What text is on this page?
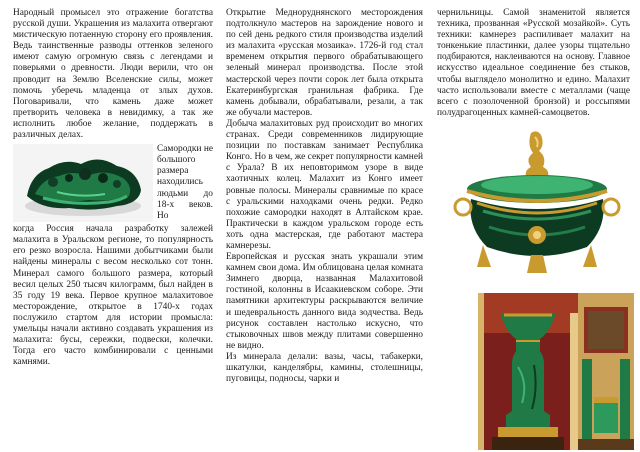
Народный промысел это отражение богатства русской души. Украшения из малахита отвергают мистическую потаенную сторону его проявления. Ведь таинственные разводы оттенков зеленого имеют самую огромную связь с легендами и поверьями о древности. Люди верили, что он проводит на Землю Вселенские силы, может помочь уберечь младенца от злых духов. Поговаривали, что камень даже может претворить человека в невидимку, а так же исполнить любое желание, поддержать в различных делах.

Самородки не большого размера находились людьми до 18-х веков. Но

когда Россия начала разработку залежей малахита в Уральском регионе, то популярность его резко возросла. Нашими добытчиками были найдены минералы с весом несколько сот тонн. Минерал самого большого размера, который весил целых 250 тысяч килограмм, был найден в 35 году 19 века. Первое крупное малахитовое месторождение, открытое в 1740-х годах послужило стартом для истории промысла: умельцы начали активно создавать украшения из малахита: бусы, сережки, подвески, колечки. Тогда его часто комбинировали с ценными камнями.

Открытие Медноруднянского месторождения подтолкнуло мастеров на зарождение нового и по сей день редкого стиля производства изделий из малахита «русская мозаика». 1726-й год стал временем открытия первого обрабатывающего зеленый минерал производства. После этой мастерской через почти сорок лет была открыта Екатеринбургская гранильная фабрика. Где камень добывали, обрабатывали, резали, а так же обучали мастеров.

Добыча малахитовых руд происходит во многих странах. Среди современников лидирующие позиции по поставкам занимает Республика Конго. Но в чем, же секрет популярности камней с Урала? В их неповторимом узоре в виде хаотичных колец. Малахит из Конго имеет ровные полосы. Минералы сравнимые по красе с уральскими находками очень редки. Редко похожие самородки находят в Алтайском крае. Практически в каждом уральском городе есть хоть одна мастерская, где работают мастера камнерезы.

Европейская и русская знать украшали этим камнем свои дома. Им облицована целая комната Зимнего дворца, названная Малахитовой гостиной, колонны в Исаакиевском соборе. Эти памятники архитектуры раскрываются величие и шедевральность данного вида зодчества. Ведь рисунок составлен настолько искусно, что стыковочных швов между плитами совершенно не видно.

Из минерала делали: вазы, часы, табакерки, шкатулки, канделябры, камины, столешницы, пуговицы, подносы, чарки и

чернильницы. Самой знаменитой является техника, прозванная «Русской мозайкой». Суть техники: камнерез распиливает малахит на тонкенькие пластинки, далее узоры тщательно подбираются, наклеиваются на основу. Главное искусство идеальное соединение без стыков, чтобы выглядело монолитно и едино. Малахит часто использовали вместе с металлами (чаще всего с позолоченной бронзой) и россыпями полудрагоценных камней-самоцветов.
